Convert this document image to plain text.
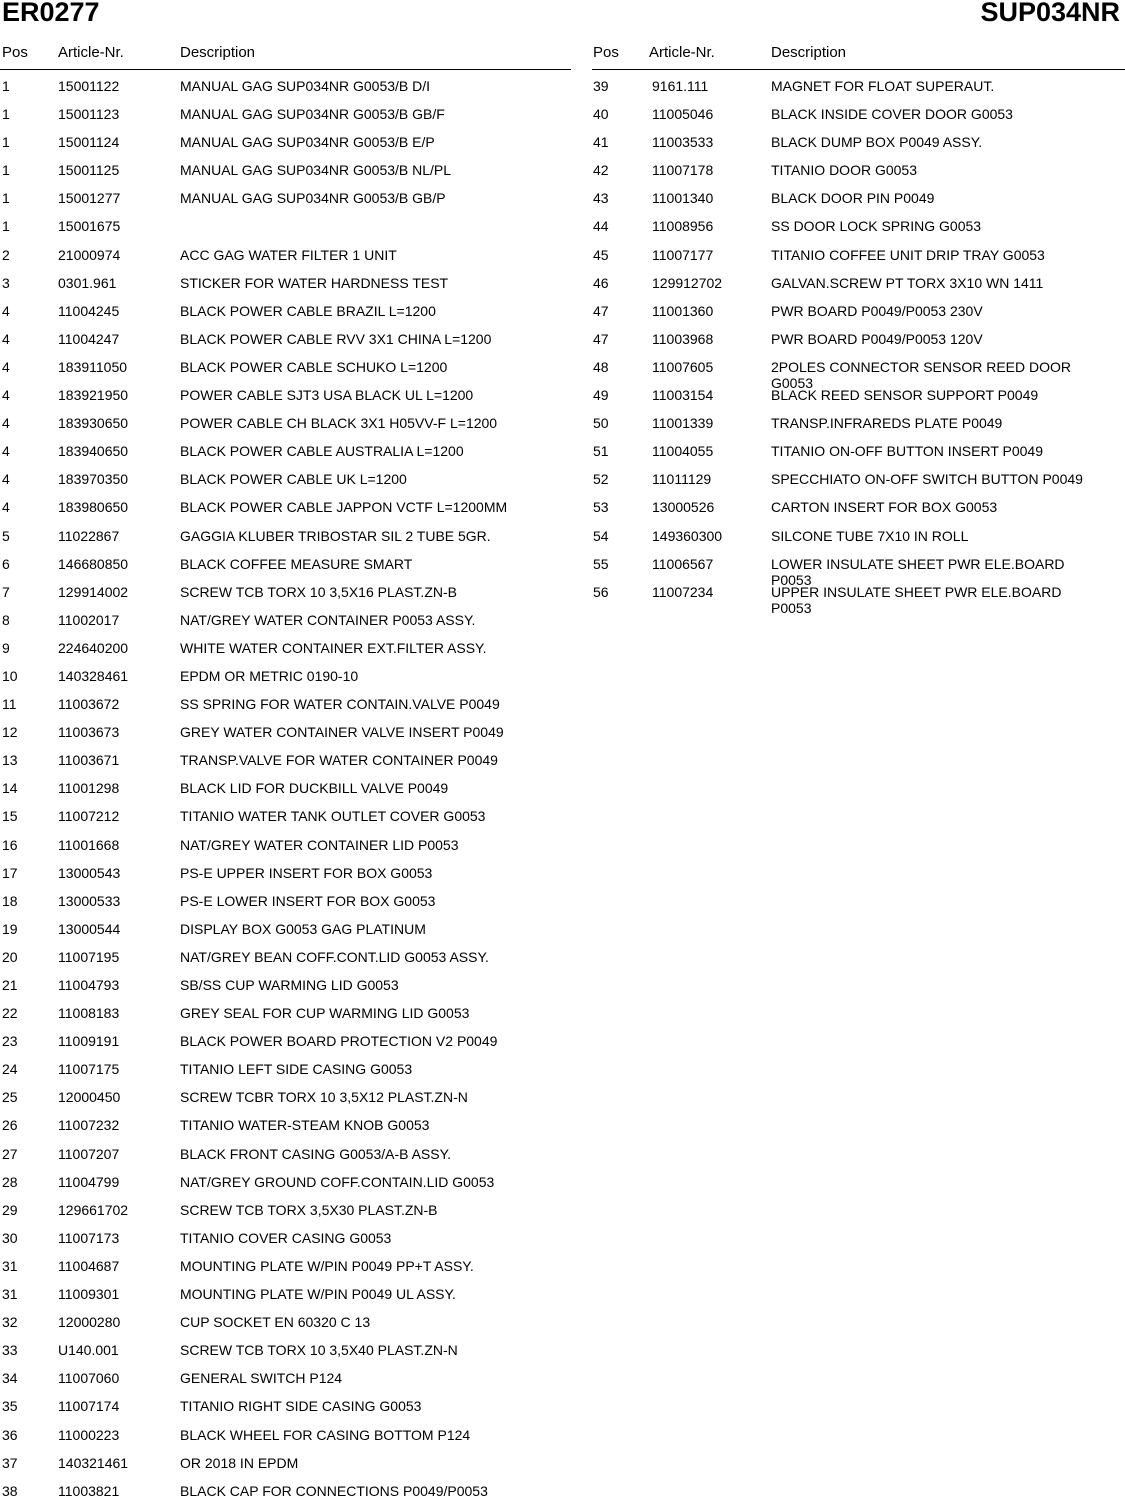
ER0277	SUP034NR
Pos Article-Nr.	Description
1	15001122	MANUAL GAG SUP034NR G0053/B D/I
1	15001123	MANUAL GAG SUP034NR G0053/B GB/F
1	15001124	MANUAL GAG SUP034NR G0053/B E/P
1	15001125	MANUAL GAG SUP034NR G0053/B NL/PL
1	15001277	MANUAL GAG SUP034NR G0053/B GB/P
1	15001675
2	21000974	ACC GAG WATER FILTER 1 UNIT
3	0301.961	STICKER FOR WATER HARDNESS TEST
4	11004245	BLACK POWER CABLE BRAZIL L=1200
4	11004247	BLACK POWER CABLE RVV 3X1 CHINA L=1200
4	183911050	BLACK POWER CABLE SCHUKO L=1200
4	183921950	POWER CABLE SJT3 USA BLACK UL L=1200
4	183930650	POWER CABLE CH BLACK 3X1 H05VV-F L=1200
4	183940650	BLACK POWER CABLE AUSTRALIA L=1200
4	183970350	BLACK POWER CABLE UK L=1200
4	183980650	BLACK POWER CABLE JAPPON VCTF L=1200MM
5	11022867	GAGGIA KLUBER TRIBOSTAR SIL 2 TUBE 5GR.
6	146680850	BLACK COFFEE MEASURE SMART
7	129914002	SCREW TCB TORX 10 3,5X16 PLAST.ZN-B
8	11002017	NAT/GREY WATER CONTAINER P0053 ASSY.
9	224640200	WHITE WATER CONTAINER EXT.FILTER ASSY.
10	140328461	EPDM OR METRIC 0190-10
11	11003672	SS SPRING FOR WATER CONTAIN.VALVE P0049
12	11003673	GREY WATER CONTAINER VALVE INSERT P0049
13	11003671	TRANSP.VALVE FOR WATER CONTAINER P0049
14	11001298	BLACK LID FOR DUCKBILL VALVE P0049
15	11007212	TITANIO WATER TANK OUTLET COVER G0053
16	11001668	NAT/GREY WATER CONTAINER LID P0053
17	13000543	PS-E UPPER INSERT FOR BOX G0053
18	13000533	PS-E LOWER INSERT FOR BOX G0053
19	13000544	DISPLAY BOX G0053 GAG PLATINUM
20	11007195	NAT/GREY BEAN COFF.CONT.LID G0053 ASSY.
21	11004793	SB/SS CUP WARMING LID G0053
22	11008183	GREY SEAL FOR CUP WARMING LID G0053
23	11009191	BLACK POWER BOARD PROTECTION V2 P0049
24	11007175	TITANIO LEFT SIDE CASING G0053
25	12000450	SCREW TCBR TORX 10 3,5X12 PLAST.ZN-N
26	11007232	TITANIO WATER-STEAM KNOB G0053
27	11007207	BLACK FRONT CASING G0053/A-B ASSY.
28	11004799	NAT/GREY GROUND COFF.CONTAIN.LID G0053
29	129661702	SCREW TCB TORX 3,5X30 PLAST.ZN-B
30	11007173	TITANIO COVER CASING G0053
31	11004687	MOUNTING PLATE W/PIN P0049 PP+T ASSY.
31	11009301	MOUNTING PLATE W/PIN P0049 UL ASSY.
32	12000280	CUP SOCKET EN 60320 C 13
33	U140.001	SCREW TCB TORX 10 3,5X40 PLAST.ZN-N
34	11007060	GENERAL SWITCH P124
35	11007174	TITANIO RIGHT SIDE CASING G0053
36	11000223	BLACK WHEEL FOR CASING BOTTOM P124
37	140321461	OR 2018 IN EPDM
38	11003821	BLACK CAP FOR CONNECTIONS P0049/P0053
Pos Article-Nr.	Description
39	9161.111	MAGNET FOR FLOAT SUPERAUT.
40	11005046	BLACK INSIDE COVER DOOR G0053
41	11003533	BLACK DUMP BOX P0049 ASSY.
42	11007178	TITANIO DOOR G0053
43	11001340	BLACK DOOR PIN P0049
44	11008956	SS DOOR LOCK SPRING G0053
45	11007177	TITANIO COFFEE UNIT DRIP TRAY G0053
46	129912702	GALVAN.SCREW PT TORX 3X10 WN 1411
47	11001360	PWR BOARD P0049/P0053 230V
47	11003968	PWR BOARD P0049/P0053 120V
48	11007605	2POLES CONNECTOR SENSOR REED DOOR G0053
49	11003154	BLACK REED SENSOR SUPPORT P0049
50	11001339	TRANSP.INFRAREDS PLATE P0049
51	11004055	TITANIO ON-OFF BUTTON INSERT P0049
52	11011129	SPECCHIATO ON-OFF SWITCH BUTTON P0049
53	13000526	CARTON INSERT FOR BOX G0053
54	149360300	SILCONE TUBE 7X10 IN ROLL
55	11006567	LOWER INSULATE SHEET PWR ELE.BOARD P0053
56	11007234	UPPER INSULATE SHEET PWR ELE.BOARD P0053
